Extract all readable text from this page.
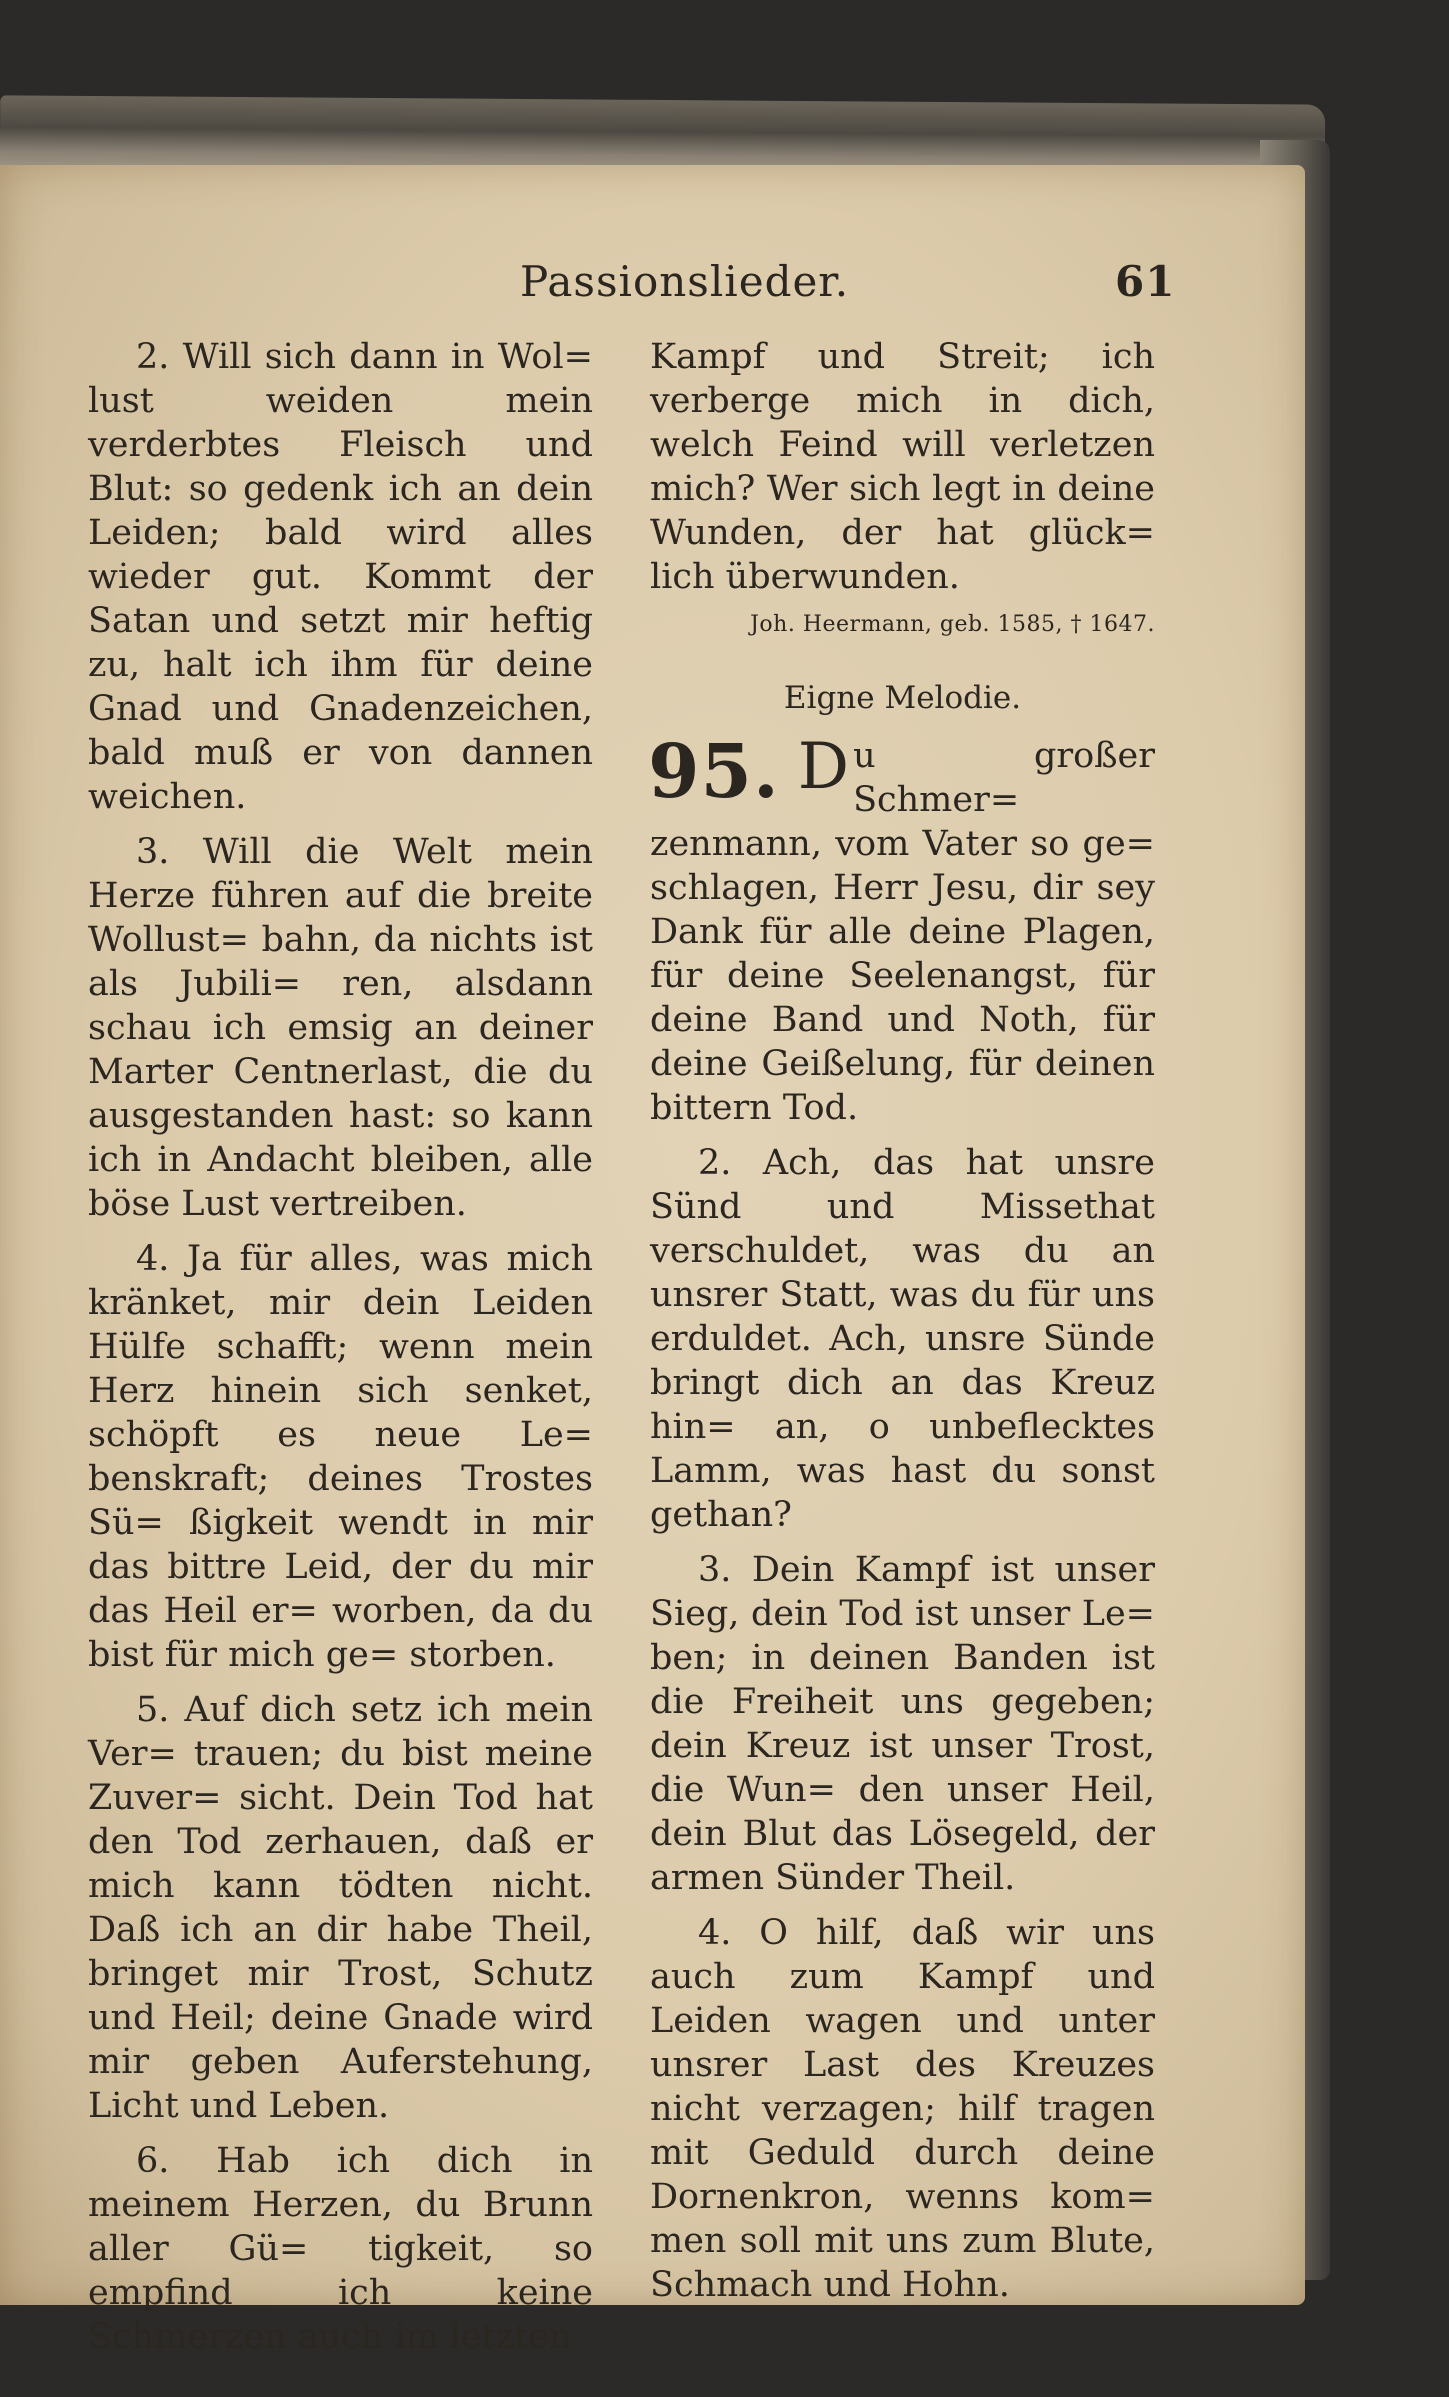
Passionslieder.	61

2. Will sich dann in Wol= lust weiden mein verderbtes Fleisch und Blut: so gedenk ich an dein Leiden; bald wird alles wieder gut. Kommt der Satan und setzt mir heftig zu, halt ich ihm für deine Gnad und Gnadenzeichen, bald muß er von dannen weichen.

3. Will die Welt mein Herze führen auf die breite Wollust= bahn, da nichts ist als Jubili= ren, alsdann schau ich emsig an deiner Marter Centnerlast, die du ausgestanden hast: so kann ich in Andacht bleiben, alle böse Lust vertreiben.

4. Ja für alles, was mich kränket, mir dein Leiden Hülfe schafft; wenn mein Herz hinein sich senket, schöpft es neue Le= benskraft; deines Trostes Sü= ßigkeit wendt in mir das bittre Leid, der du mir das Heil er= worben, da du bist für mich ge= storben.

5. Auf dich setz ich mein Ver= trauen; du bist meine Zuver= sicht. Dein Tod hat den Tod zerhauen, daß er mich kann tödten nicht. Daß ich an dir habe Theil, bringet mir Trost, Schutz und Heil; deine Gnade wird mir geben Auferstehung, Licht und Leben.

6. Hab ich dich in meinem Herzen, du Brunn aller Gü= tigkeit, so empfind ich keine Schmerzen auch im letzten

Kampf und Streit; ich verberge mich in dich, welch Feind will verletzen mich? Wer sich legt in deine Wunden, der hat glück= lich überwunden.

Joh. Heermann, geb. 1585, † 1647.
Eigne Melodie.

95. D u großer Schmer= zenmann, vom Vater so ge= schlagen, Herr Jesu, dir sey Dank für alle deine Plagen, für deine Seelenangst, für deine Band und Noth, für deine Geißelung, für deinen bittern Tod.

2. Ach, das hat unsre Sünd und Missethat verschuldet, was du an unsrer Statt, was du für uns erduldet. Ach, unsre Sünde bringt dich an das Kreuz hin= an, o unbeflecktes Lamm, was hast du sonst gethan?

3. Dein Kampf ist unser Sieg, dein Tod ist unser Le= ben; in deinen Banden ist die Freiheit uns gegeben; dein Kreuz ist unser Trost, die Wun= den unser Heil, dein Blut das Lösegeld, der armen Sünder Theil.

4. O hilf, daß wir uns auch zum Kampf und Leiden wagen und unter unsrer Last des Kreuzes nicht verzagen; hilf tragen mit Geduld durch deine Dornenkron, wenns kom= men soll mit uns zum Blute, Schmach und Hohn.
